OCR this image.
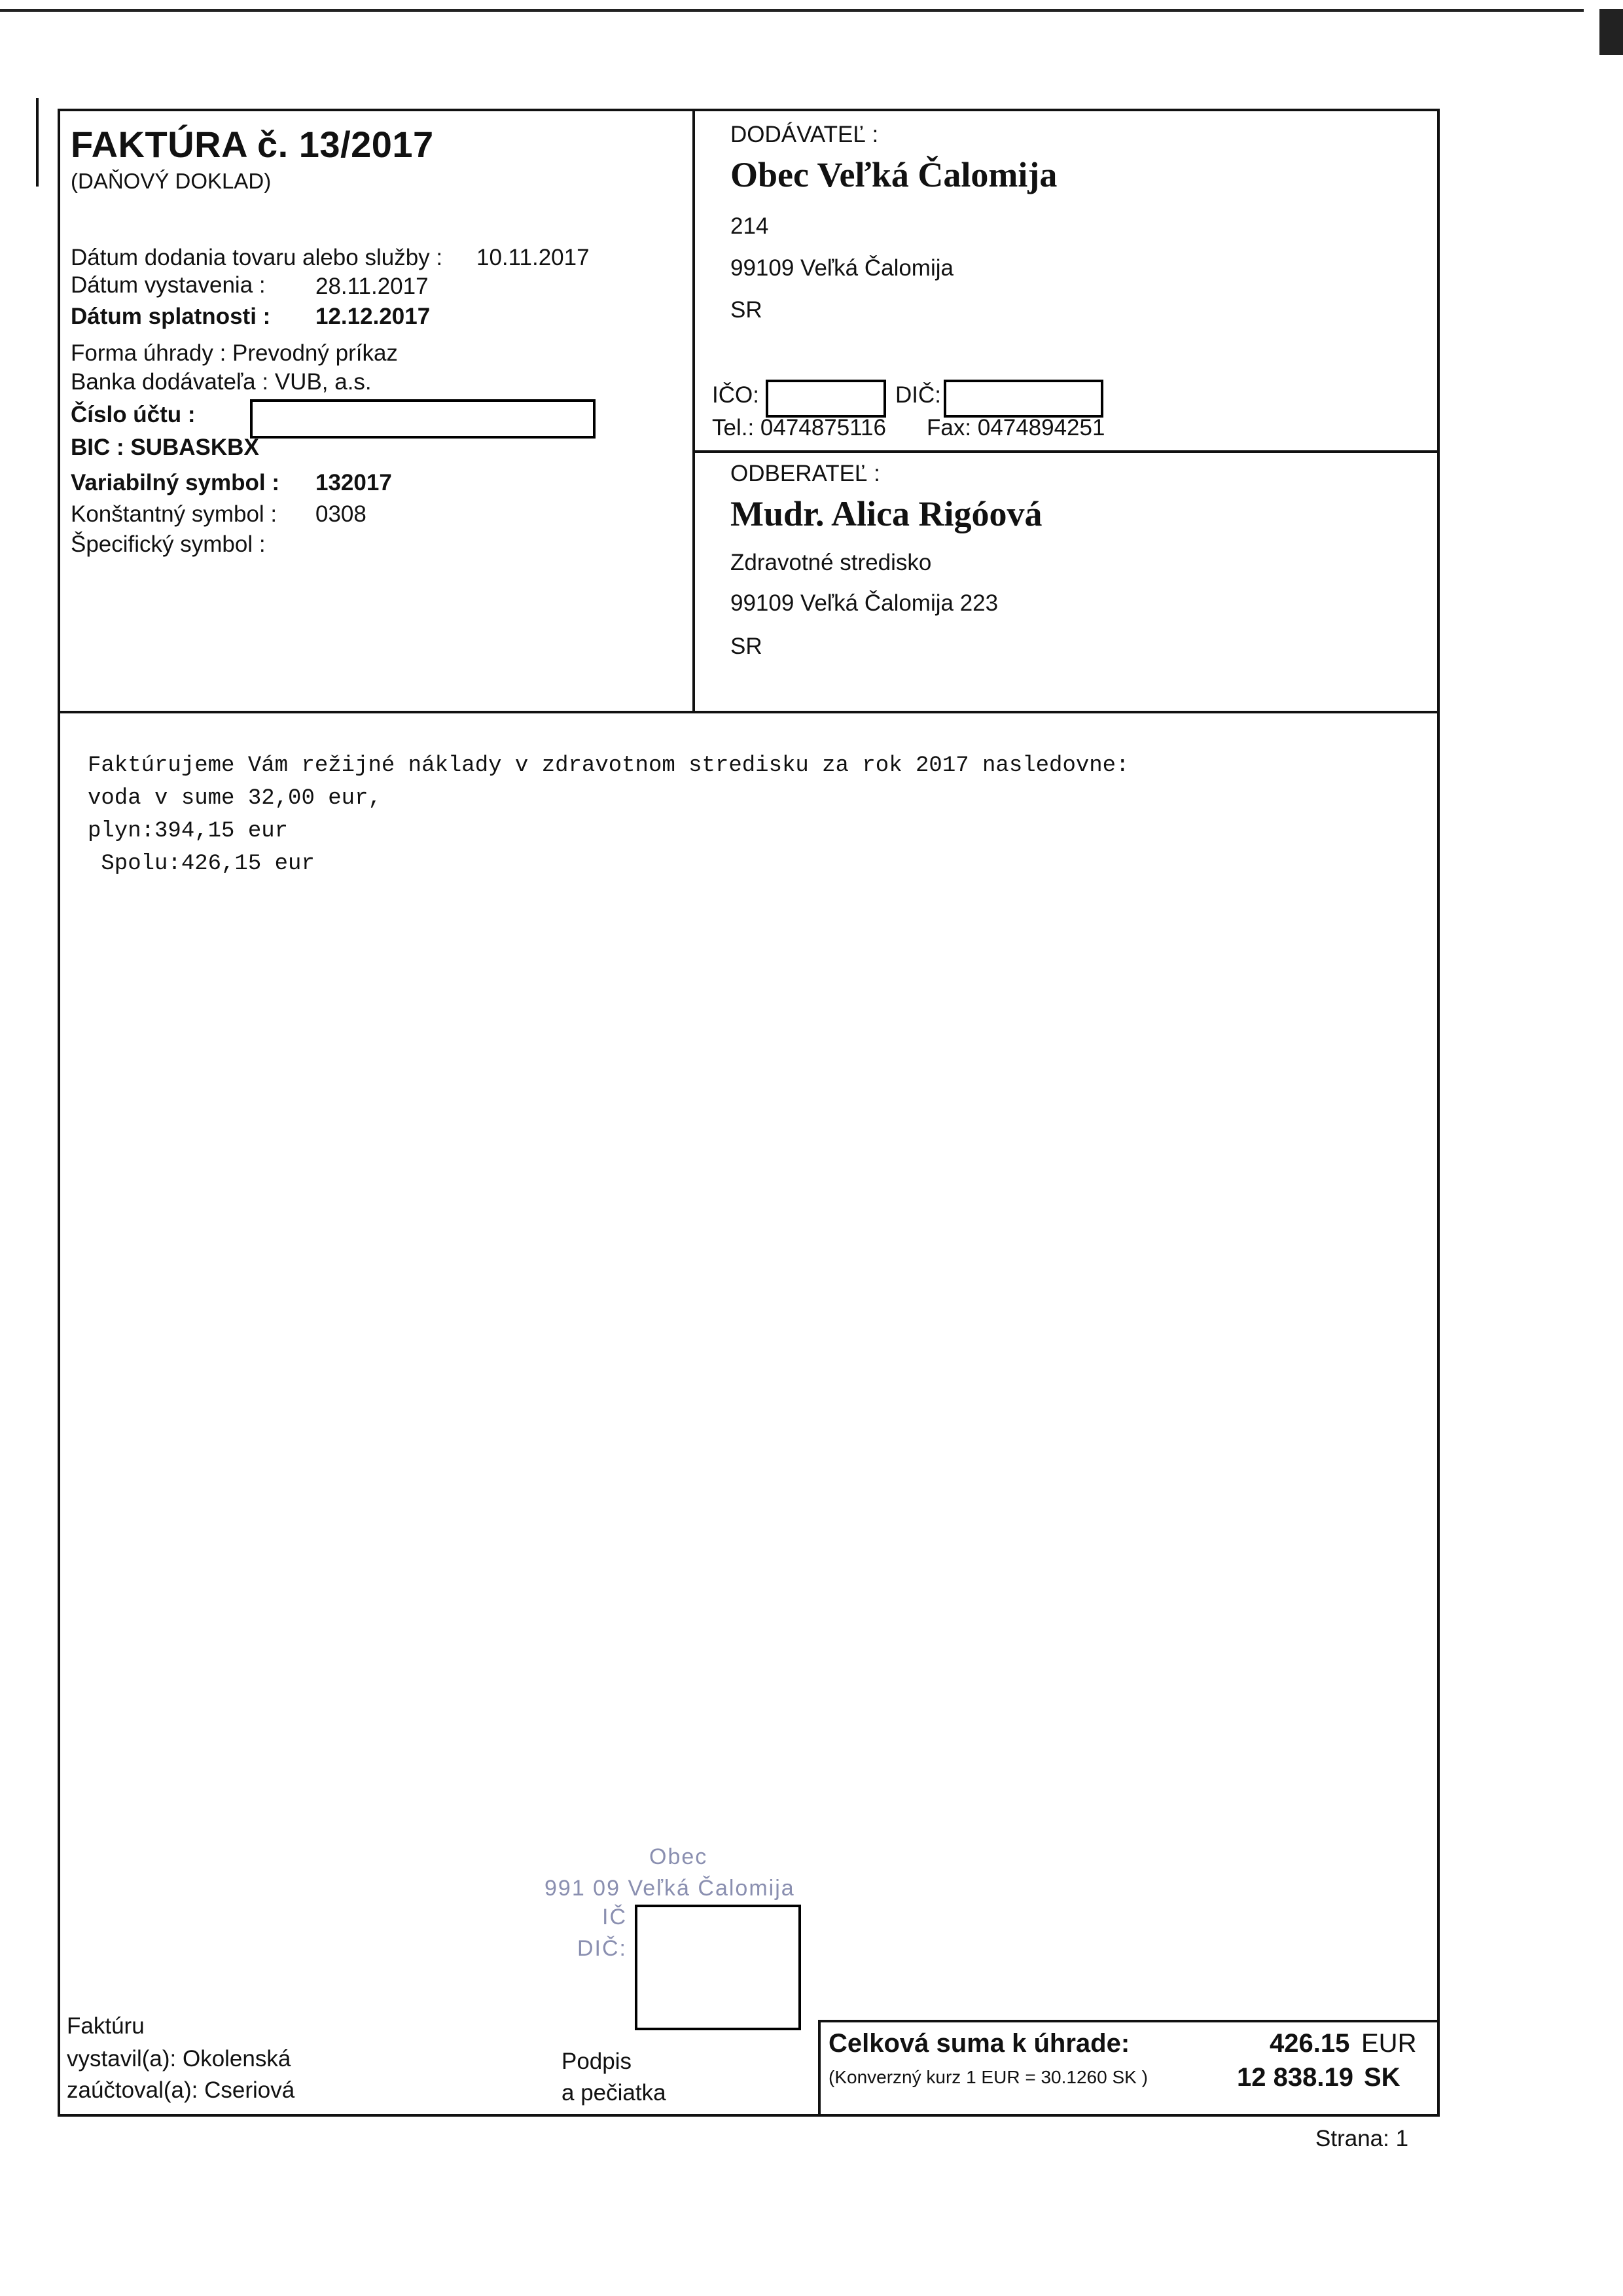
FAKTÚRA č. 13/2017
(DAŇOVÝ DOKLAD)
Dátum dodania tovaru alebo služby : 10.11.2017
Dátum vystavenia : 28.11.2017
Dátum splatnosti : 12.12.2017
Forma úhrady : Prevodný príkaz
Banka dodávateľa : VUB, a.s.
Číslo účtu :
BIC : SUBASKBX
Variabilný symbol : 132017
Konštantný symbol : 0308
Špecifický symbol :
DODÁVATEĽ :
Obec Veľká Čalomija
214
99109 Veľká Čalomija
SR
IČO:	DIČ:
Tel.: 0474875116 Fax: 0474894251
ODBERATEĽ :
Mudr. Alica Rigóová
Zdravotné stredisko
99109 Veľká Čalomija 223
SR
Faktúrujeme Vám režijné náklady v zdravotnom stredisku za rok 2017 nasledovne:
voda v sume 32,00 eur,
plyn:394,15 eur
Spolu:426,15 eur
Obec
991 09 Veľká Čalomija
IČ
DIČ:
Faktúru
vystavil(a): Okolenská
zaúčtoval(a): Cseriová
Podpis
a pečiatka
Celková suma k úhrade:	426.15 EUR
(Konverzný kurz 1 EUR = 30.1260 SK )	12 838.19 SK
Strana: 1
